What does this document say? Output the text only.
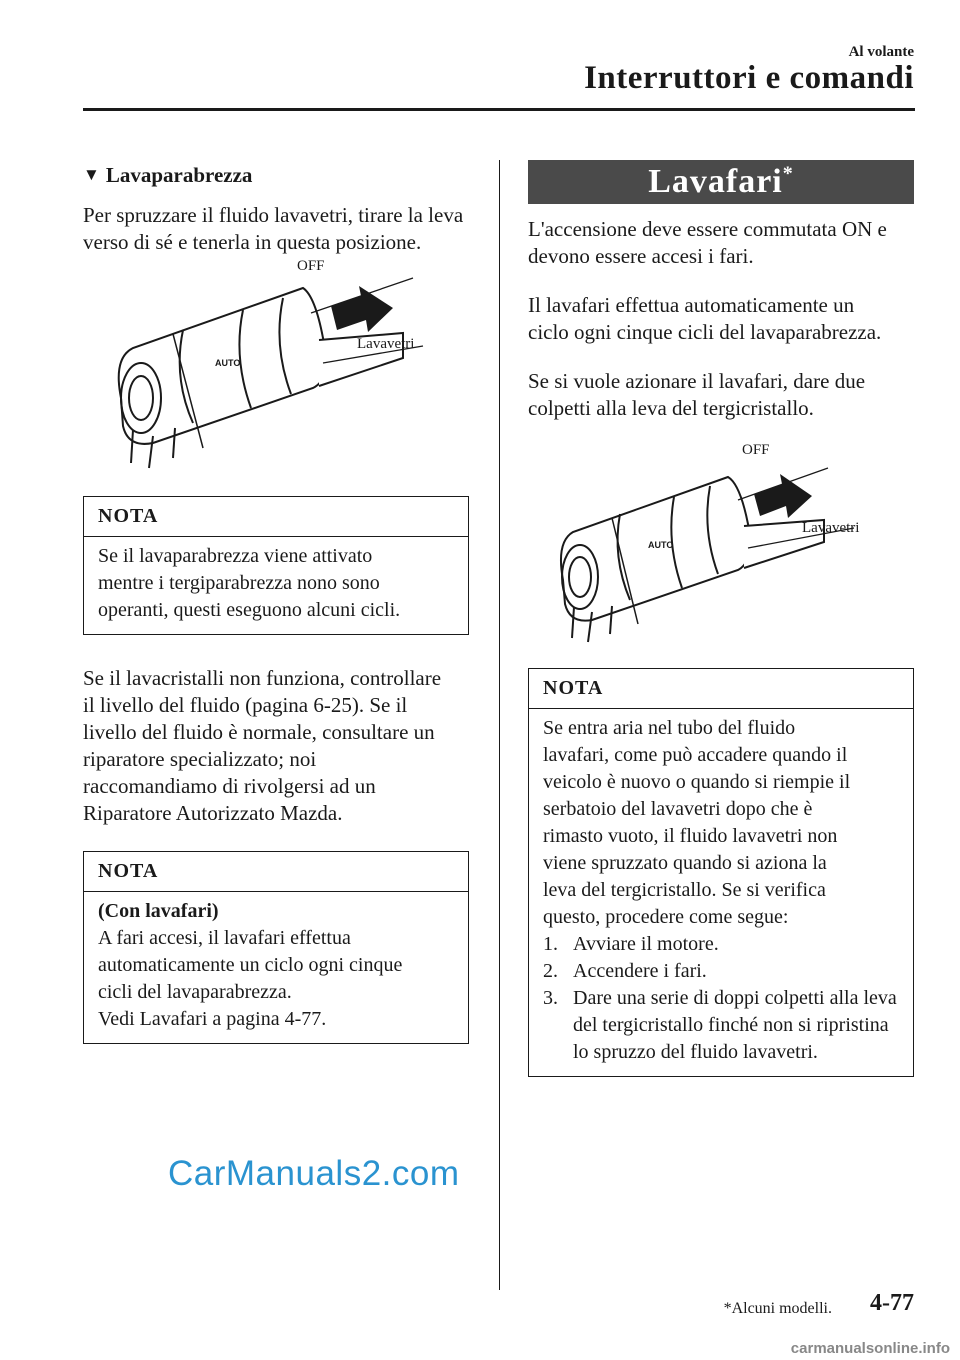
Al volante
Interruttori e comandi
▼ Lavaparabrezza

Per spruzzare il fluido lavavetri, tirare la leva verso di sé e tenerla in questa posizione.

AUTO
OFF
Lavavetri
NOTA
Se il lavaparabrezza viene attivato
mentre i tergiparabrezza nono sono
operanti, questi eseguono alcuni cicli.
Se il lavacristalli non funziona, controllare
il livello del fluido (pagina 6-25). Se il
livello del fluido è normale, consultare un
riparatore specializzato; noi
raccomandiamo di rivolgersi ad un
Riparatore Autorizzato Mazda.
NOTA
(Con lavafari)
A fari accesi, il lavafari effettua
automaticamente un ciclo ogni cinque
cicli del lavaparabrezza.
Vedi Lavafari a pagina 4-77.
Lavafari*
L'accensione deve essere commutata ON e
devono essere accesi i fari.
Il lavafari effettua automaticamente un
ciclo ogni cinque cicli del lavaparabrezza.
Se si vuole azionare il lavafari, dare due
colpetti alla leva del tergicristallo.
AUTO
OFF
Lavavetri
NOTA
Se entra aria nel tubo del fluido
lavafari, come può accadere quando il
veicolo è nuovo o quando si riempie il
serbatoio del lavavetri dopo che è
rimasto vuoto, il fluido lavavetri non
viene spruzzato quando si aziona la
leva del tergicristallo. Se si verifica
questo, procedere come segue:
1. Avviare il motore.
2. Accendere i fari.
3. Dare una serie di doppi colpetti alla leva del tergicristallo finché non si ripristina lo spruzzo del fluido lavavetri.
CarManuals2.com
*Alcuni modelli. 4-77
carmanualsonline.info
